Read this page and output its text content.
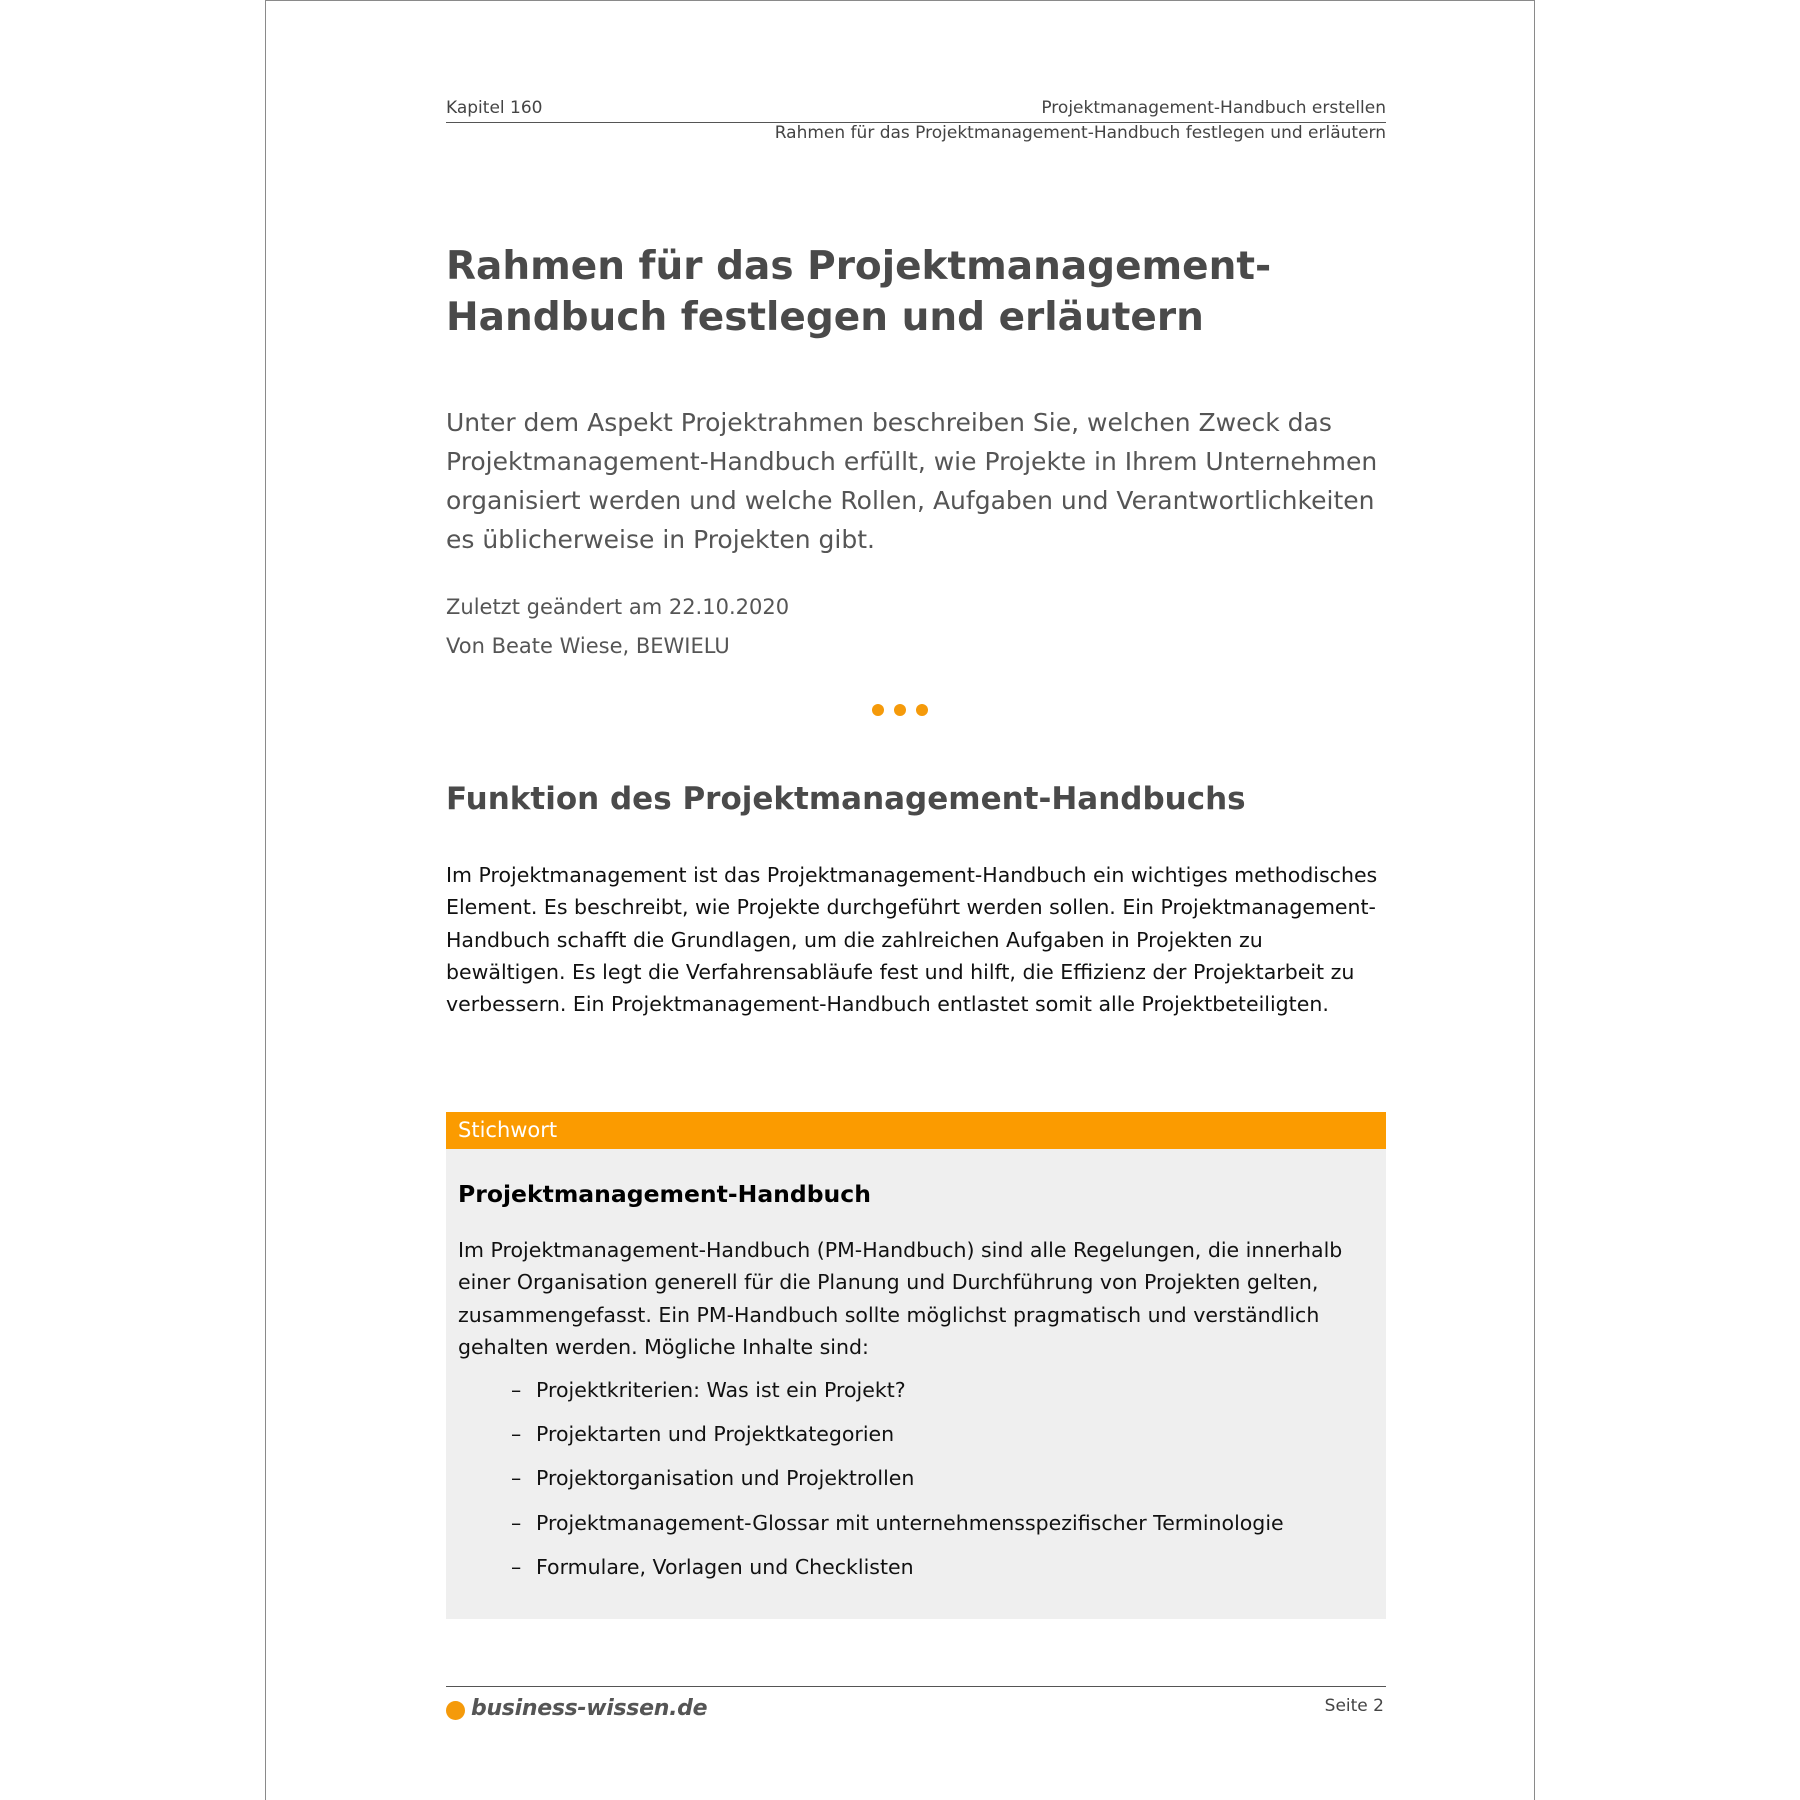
Kapitel 160	Projektmanagement-Handbuch erstellen
Rahmen für das Projektmanagement-Handbuch festlegen und erläutern
Rahmen für das Projektmanagement-Handbuch festlegen und erläutern

Unter dem Aspekt Projektrahmen beschreiben Sie, welchen Zweck das Projektmanagement-Handbuch erfüllt, wie Projekte in Ihrem Unternehmen organisiert werden und welche Rollen, Aufgaben und Verantwortlichkeiten es üblicherweise in Projekten gibt.

Zuletzt geändert am 22.10.2020
Von Beate Wiese, BEWIELU
Funktion des Projektmanagement-Handbuchs

Im Projektmanagement ist das Projektmanagement-Handbuch ein wichtiges methodisches Element. Es beschreibt, wie Projekte durchgeführt werden sollen. Ein Projektmanagement-Handbuch schafft die Grundlagen, um die zahlreichen Aufgaben in Projekten zu bewältigen. Es legt die Verfahrensabläufe fest und hilft, die Effizienz der Projektarbeit zu verbessern. Ein Projektmanagement-Handbuch entlastet somit alle Projektbeteiligten.

Stichwort
Projektmanagement-Handbuch

Im Projektmanagement-Handbuch (PM-Handbuch) sind alle Regelungen, die innerhalb einer Organisation generell für die Planung und Durchführung von Projekten gelten, zusammengefasst. Ein PM-Handbuch sollte möglichst pragmatisch und verständlich gehalten werden. Mögliche Inhalte sind:

– Projektkriterien: Was ist ein Projekt?
– Projektarten und Projektkategorien
– Projektorganisation und Projektrollen
– Projektmanagement-Glossar mit unternehmensspezifischer Terminologie
– Formulare, Vorlagen und Checklisten
business-wissen.de	Seite 2
